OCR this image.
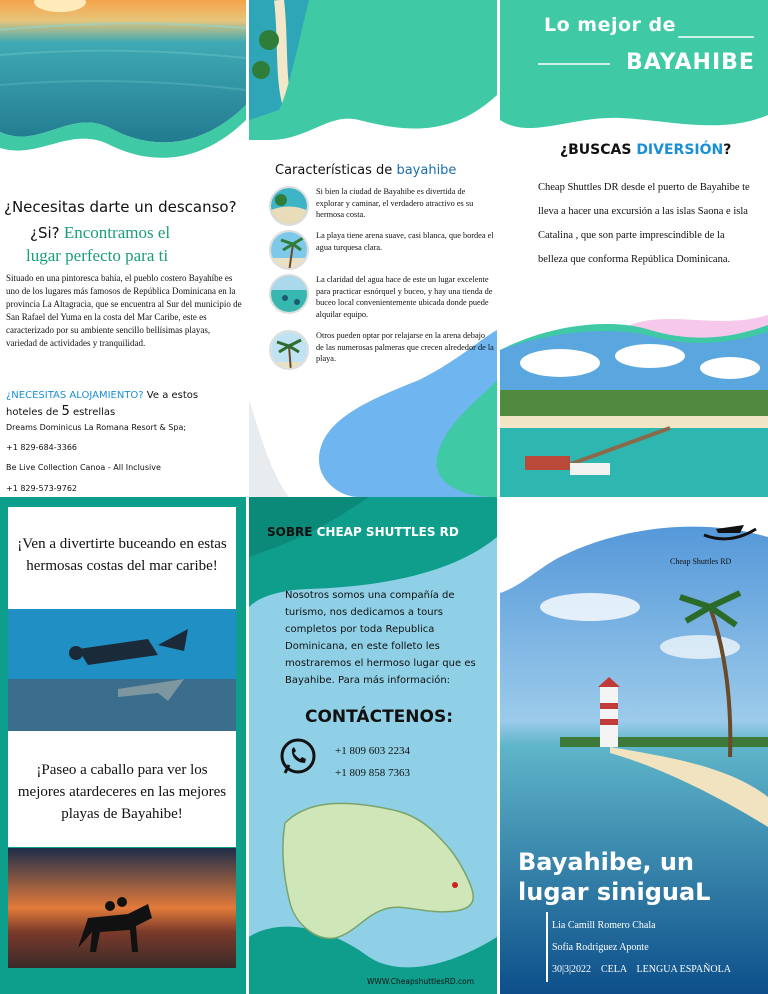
¿Necesitas darte un descanso?
¿Si? Encontramos el
lugar perfecto para ti
Situado en una pintoresca bahía, el pueblo costero Bayahíbe es uno de los lugares más famosos de República Dominicana en la provincia La Altagracia, que se encuentra al Sur del municipio de San Rafael del Yuma en la costa del Mar Caribe, este es caracterizado por su ambiente sencillo bellísimas playas, variedad de actividades y tranquilidad.
¿NECESITAS ALOJAMIENTO? Ve a estos
hoteles de 5 estrellas
Dreams Dominicus La Romana Resort & Spa;
+1 829-684-3366
Be Live Collection Canoa - All Inclusive
+1 829-573-9762
Características de bayahibe
Si bien la ciudad de Bayahibe es divertida de explorar y caminar, el verdadero atractivo es su hermosa costa.
La playa tiene arena suave, casi blanca, que bordea el agua turquesa clara.
La claridad del agua hace de este un lugar excelente para practicar esnórquel y buceo, y hay una tienda de buceo local convenientemente ubicada donde puede alquilar equipo.
Otros pueden optar por relajarse en la arena debajo de las numerosas palmeras que crecen alrededor de la playa.
Lo mejor de
BAYAHIBE
¿BUSCAS DIVERSIÓN?
Cheap Shuttles DR desde el puerto de Bayahibe te lleva a hacer una excursión a las islas Saona e isla Catalina , que son parte imprescindible de la belleza que conforma República Dominicana.
¡Ven a divertirte buceando en estas hermosas costas del mar caribe!
¡Paseo a caballo para ver los mejores atardeceres en las mejores playas de Bayahibe!
SOBRE CHEAP SHUTTLES RD
Nosotros somos una compañía de turismo, nos dedicamos a tours completos por toda Republica Dominicana, en este folleto les mostraremos el hermoso lugar que es Bayahibe. Para más información:
CONTÁCTENOS:
+1 809 603 2234
+1 809 858 7363
WWW.CheapshuttlesRD.com
Cheap Shuttles RD
Bayahibe, un lugar siniguaL
Lia Camill Romero Chala
Sofia Rodriguez Aponte
30|3|2022    CELA    LENGUA ESPAÑOLA
